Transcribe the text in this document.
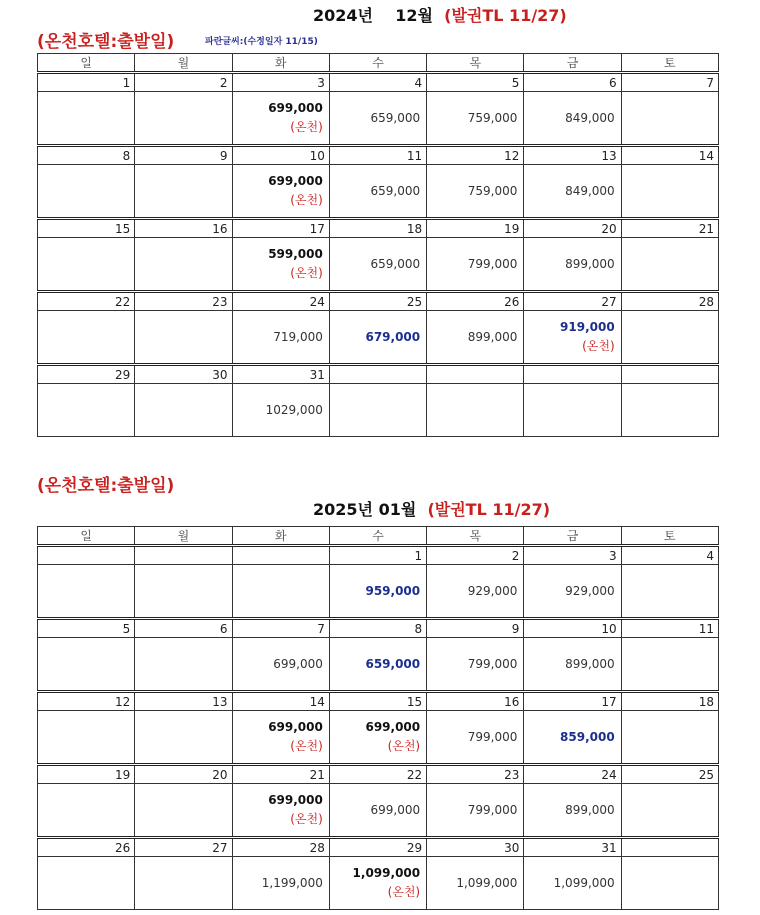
2024년 12월 (발권TL 11/27)
(온천호텔:출발일)	파란글씨:(수정일자 11/15)
일	월	화	수	목	금	토
1	2	3	4	5	6	7

		699,000
(온천)	659,000	759,000	849,000	

8	9	10	11	12	13	14

		699,000
(온천)	659,000	759,000	849,000	

15	16	17	18	19	20	21

		599,000
(온천)	659,000	799,000	899,000	

22	23	24	25	26	27	28

		719,000	679,000	899,000	919,000
(온천)	

29	30	31				

		1029,000				

(온천호텔:출발일)
2025년 01월 (발권TL 11/27)
일	월	화	수	목	금	토
			1	2	3	4

			959,000	929,000	929,000	

5	6	7	8	9	10	11

		699,000	659,000	799,000	899,000	

12	13	14	15	16	17	18

		699,000
(온천)	699,000
(온천)	799,000	859,000	

19	20	21	22	23	24	25

		699,000
(온천)	699,000	799,000	899,000	

26	27	28	29	30	31	

		1,199,000	1,099,000
(온천)	1,099,000	1,099,000	
